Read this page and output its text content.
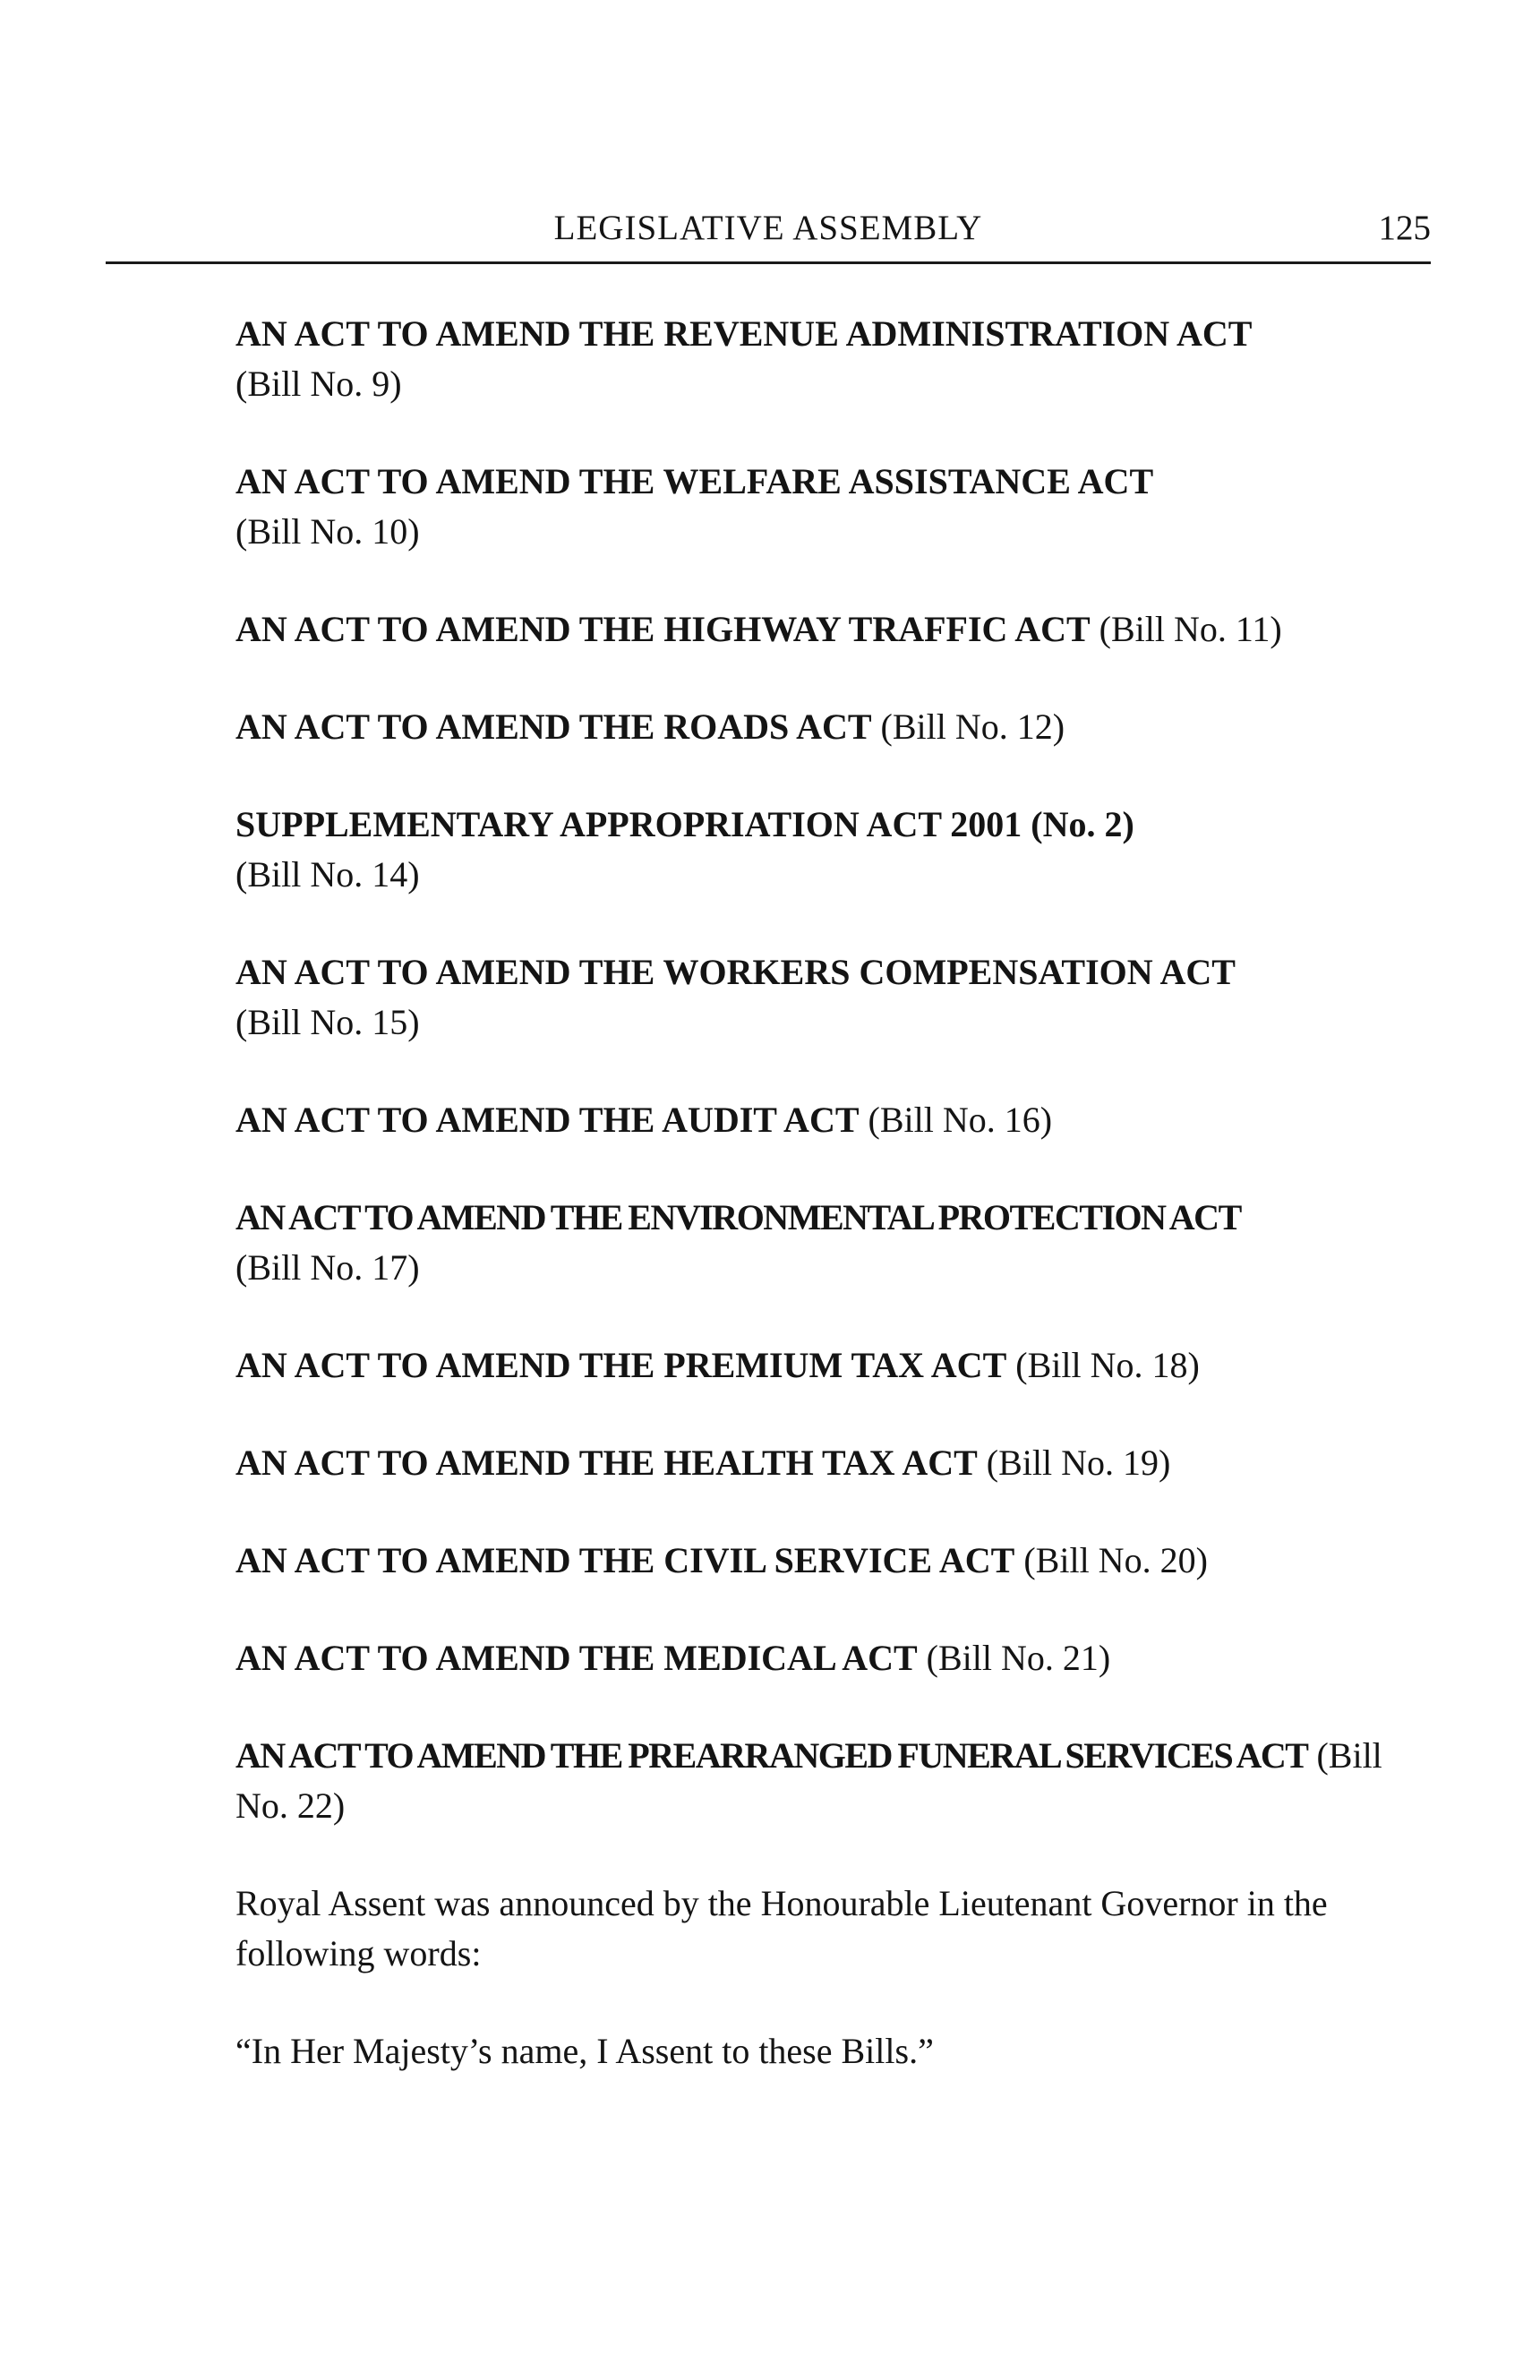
LEGISLATIVE ASSEMBLY	125
AN ACT TO AMEND THE REVENUE ADMINISTRATION ACT
(Bill No. 9)
AN ACT TO AMEND THE WELFARE ASSISTANCE ACT
(Bill No. 10)
AN ACT TO AMEND THE HIGHWAY TRAFFIC ACT (Bill No. 11)
AN ACT TO AMEND THE ROADS ACT (Bill No. 12)
SUPPLEMENTARY APPROPRIATION ACT 2001 (No. 2)
(Bill No. 14)
AN ACT TO AMEND THE WORKERS COMPENSATION ACT
(Bill No. 15)
AN ACT TO AMEND THE AUDIT ACT (Bill No. 16)
AN ACT TO AMEND THE ENVIRONMENTAL PROTECTION ACT
(Bill No. 17)
AN ACT TO AMEND THE PREMIUM TAX ACT (Bill No. 18)
AN ACT TO AMEND THE HEALTH TAX ACT (Bill No. 19)
AN ACT TO AMEND THE CIVIL SERVICE ACT (Bill No. 20)
AN ACT TO AMEND THE MEDICAL ACT (Bill No. 21)
AN ACT TO AMEND THE PREARRANGED FUNERAL SERVICES ACT (Bill No. 22)

Royal Assent was announced by the Honourable Lieutenant Governor in the following words:

“In Her Majesty’s name, I Assent to these Bills.”
